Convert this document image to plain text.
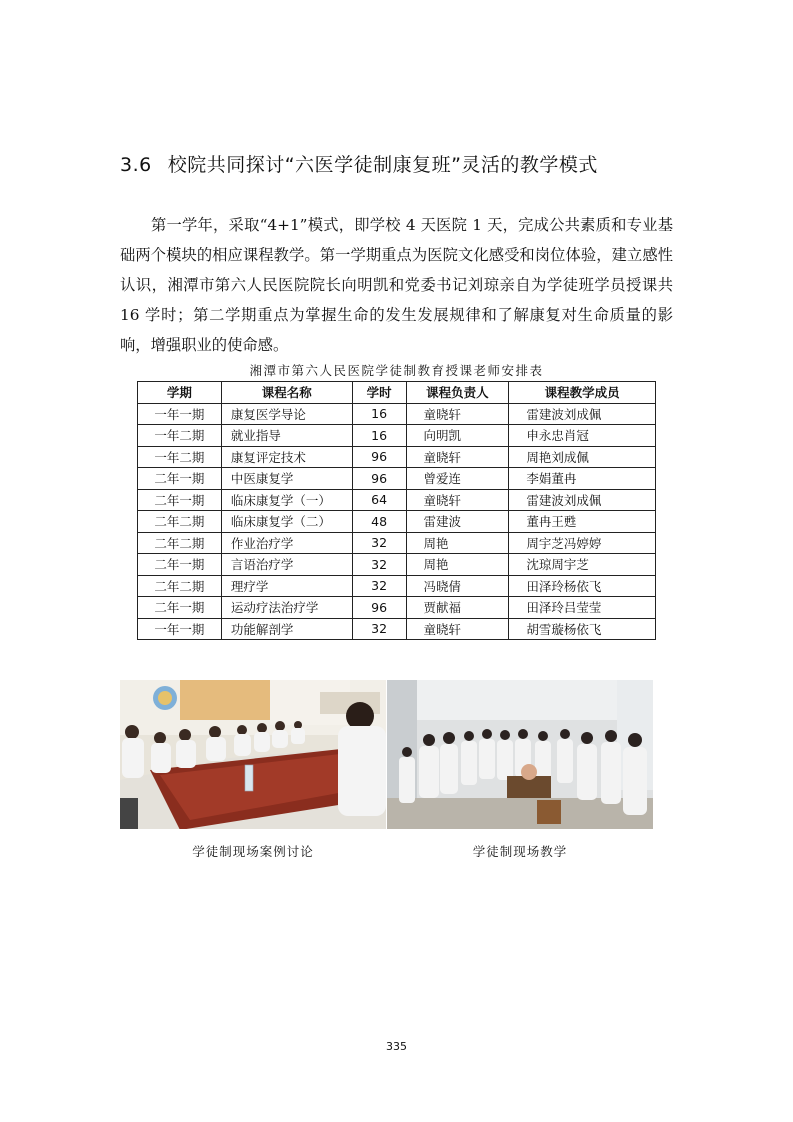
3.6 校院共同探讨“六医学徒制康复班”灵活的教学模式
第一学年，采取“4+1”模式，即学校 4 天医院 1 天，完成公共素质和专业基础两个模块的相应课程教学。第一学期重点为医院文化感受和岗位体验，建立感性认识，湘潭市第六人民医院院长向明凯和党委书记刘琼亲自为学徒班学员授课共 16 学时；第二学期重点为掌握生命的发生发展规律和了解康复对生命质量的影响，增强职业的使命感。
湘潭市第六人民医院学徒制教育授课老师安排表
学期	课程名称	学时	课程负责人	课程教学成员
一年一期	康复医学导论	16	童晓轩	雷建波刘成佩
一年二期	就业指导	16	向明凯	申永忠肖冠
一年二期	康复评定技术	96	童晓轩	周艳刘成佩
二年一期	中医康复学	96	曾爱连	李娟董冉
二年一期	临床康复学（一）	64	童晓轩	雷建波刘成佩
二年二期	临床康复学（二）	48	雷建波	董冉王甦
二年二期	作业治疗学	32	周艳	周宇芝冯婷婷
二年一期	言语治疗学	32	周艳	沈琼周宇芝
二年二期	理疗学	32	冯晓倩	田泽玲杨依飞
二年一期	运动疗法治疗学	96	贾献福	田泽玲吕莹莹
一年一期	功能解剖学	32	童晓轩	胡雪璇杨依飞
学徒制现场案例讨论	学徒制现场教学
335
